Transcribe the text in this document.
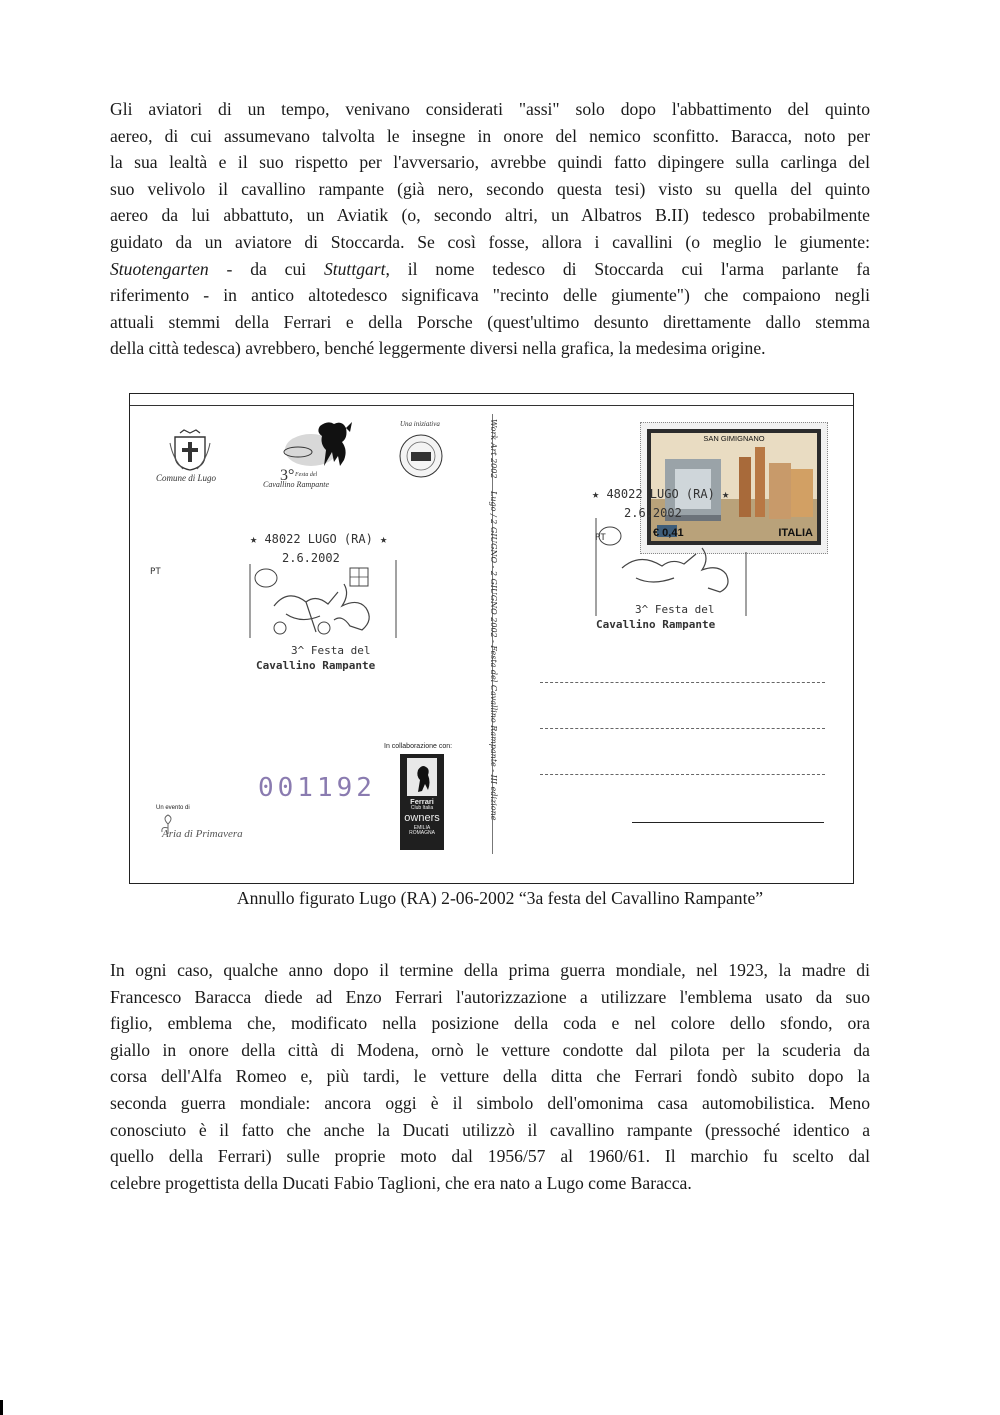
Gli aviatori di un tempo, venivano considerati "assi" solo dopo l'abbattimento del quinto
aereo, di cui assumevano talvolta le insegne in onore del nemico sconfitto. Baracca, noto per
la sua lealtà e il suo rispetto per l'avversario, avrebbe quindi fatto dipingere sulla carlinga del
suo velivolo il cavallino rampante (già nero, secondo questa tesi) visto su quella del quinto
aereo da lui abbattuto, un Aviatik (o, secondo altri, un Albatros B.II) tedesco probabilmente
guidato da un aviatore di Stoccarda. Se così fosse, allora i cavallini (o meglio le giumente:
Stuotengarten - da cui Stuttgart, il nome tedesco di Stoccarda cui l'arma parlante fa
riferimento - in antico altotedesco significava "recinto delle giumente") che compaiono negli
attuali stemmi della Ferrari e della Porsche (quest'ultimo desunto direttamente dallo stemma
della città tedesca) avrebbero, benché leggermente diversi nella grafica, la medesima origine.
Comune di Lugo	3° Festa del
Cavallino Rampante
Una iniziativa
★ 48022 LUGO (RA) ★
2.6.2002
PT
3^ Festa del
Cavallino Rampante
001192
In collaborazione con:
Ferrari
Club Italia
owners
EMILIA
ROMAGNA
Un evento di
Aria di Primavera
Work Art 2002
Lugo / 2 GIUGNO - 2 GIUGNO 2002 - Festa del Cavallino Rampante - III edizione
SAN GIMIGNANO
ITALIA
€ 0,41
★ 48022 LUGO (RA) ★
2.6.2002
PT
3^ Festa del
Cavallino Rampante
Annullo figurato Lugo (RA) 2-06-2002 “3a festa del Cavallino Rampante”
In ogni caso, qualche anno dopo il termine della prima guerra mondiale, nel 1923, la madre di
Francesco Baracca diede ad Enzo Ferrari l'autorizzazione a utilizzare l'emblema usato da suo
figlio, emblema che, modificato nella posizione della coda e nel colore dello sfondo, ora
giallo in onore della città di Modena, ornò le vetture condotte dal pilota per la scuderia da
corsa dell'Alfa Romeo e, più tardi, le vetture della ditta che Ferrari fondò subito dopo la
seconda guerra mondiale: ancora oggi è il simbolo dell'omonima casa automobilistica. Meno
conosciuto è il fatto che anche la Ducati utilizzò il cavallino rampante (pressoché identico a
quello della Ferrari) sulle proprie moto dal 1956/57 al 1960/61. Il marchio fu scelto dal
celebre progettista della Ducati Fabio Taglioni, che era nato a Lugo come Baracca.
